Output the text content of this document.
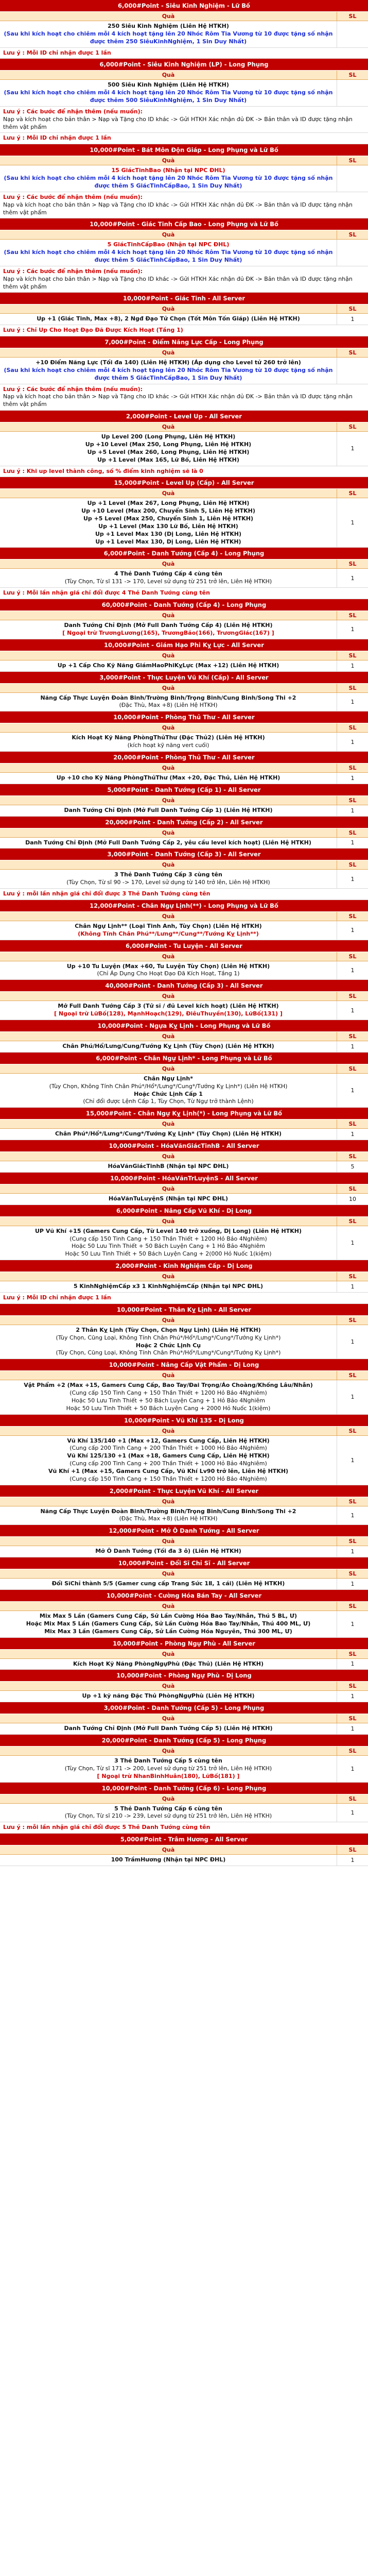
6,000#Point - Siêu Kinh Nghiệm - Lữ Bố
Quà	SL
250 Siêu Kinh Nghiệm (Liên Hệ HTKH)
(Sau khi kích hoạt cho chiêm mỗi 4 kích hoạt tặng lên 20 Nhóc Rôm Tia Vương từ 10 được tặng số nhận được thêm 250 SiêuKinhNghiệm, 1 Sin Duy Nhất)
Lưu ý : Mỗi ID chỉ nhận được 1 lần
6,000#Point - Siêu Kinh Nghiệm (LP) - Long Phụng
Quà	SL
500 Siêu Kinh Nghiệm (Liên Hệ HTKH)
(Sau khi kích hoạt cho chiêm mỗi 4 kích hoạt tặng lên 20 Nhóc Rôm Tia Vương từ 10 được tặng số nhận được thêm 500 SiêuKinhNghiệm, 1 Sin Duy Nhất)
Lưu ý : Các bước để nhận thêm (nếu muốn):
Nạp và kích hoạt cho bản thân > Nạp và Tặng cho ID khác -> Gửi HTKH Xác nhận đủ ĐK -> Bản thân và ID được tặng nhận thêm vật phẩm
Lưu ý : Mỗi ID chỉ nhận được 1 lần
10,000#Point - Bát Môn Độn Giáp - Long Phụng và Lữ Bố
Quà	SL
15 GiácTinhBao (Nhận tại NPC ĐHL)
(Sau khi kích hoạt cho chiêm mỗi 4 kích hoạt tặng lên 20 Nhóc Rôm Tia Vương từ 10 được tặng số nhận được thêm 5 GiácTinhCấpBao, 1 Sin Duy Nhất)
Lưu ý : Các bước để nhận thêm (nếu muốn):
Nạp và kích hoạt cho bản thân > Nạp và Tặng cho ID khác -> Gửi HTKH Xác nhận đủ ĐK -> Bản thân và ID được tặng nhận thêm vật phẩm
10,000#Point - Giác Tinh Cấp Bao - Long Phụng và Lữ Bố
Quà	SL
5 GiácTinhCấpBao (Nhận tại NPC ĐHL)
(Sau khi kích hoạt cho chiêm mỗi 4 kích hoạt tặng lên 20 Nhóc Rôm Tia Vương từ 10 được tặng số nhận được thêm 5 GiácTinhCấpBao, 1 Sin Duy Nhất)
Lưu ý : Các bước để nhận thêm (nếu muốn):
Nạp và kích hoạt cho bản thân > Nạp và Tặng cho ID khác -> Gửi HTKH Xác nhận đủ ĐK -> Bản thân và ID được tặng nhận thêm vật phẩm
10,000#Point - Giác Tinh - All Server
Quà	SL
Up +1 (Giác Tinh, Max +8), 2 Ngđ Đạo Tử Chọn (Tốt Môn Tốn Giáp) (Liên Hệ HTKH)	1
Lưu ý : Chỉ Up Cho Hoạt Đạo Đã Được Kích Hoạt (Tầng 1)
7,000#Point - Điểm Năng Lực Cấp - Long Phụng
Quà	SL
+10 Điểm Năng Lực (Tối đa 140) (Liên Hệ HTKH) (Áp dụng cho Level tử 260 trở lên)
(Sau khi kích hoạt cho chiêm mỗi 4 kích hoạt tặng lên 20 Nhóc Rôm Tia Vương từ 10 được tặng số nhận được thêm 5 GiácTinhCấpBao, 1 Sin Duy Nhất)
Lưu ý : Các bước để nhận thêm (nếu muốn):
Nạp và kích hoạt cho bản thân > Nạp và Tặng cho ID khác -> Gửi HTKH Xác nhận đủ ĐK -> Bản thân và ID được tặng nhận thêm vật phẩm
2,000#Point - Level Up - All Server
Quà	SL
Up Level 200 (Long Phụng, Liên Hệ HTKH)
Up +10 Level (Max 250, Long Phụng, Liên Hệ HTKH)
Up +5 Level (Max 260, Long Phụng, Liên Hệ HTKH)
Up +1 Level (Max 165, Lữ Bố, Liên Hệ HTKH)
1
Lưu ý : Khi up level thành công, số % điểm kinh nghiệm sẽ là 0
15,000#Point - Level Up (Cấp) - All Server
Quà	SL
Up +1 Level (Max 267, Long Phụng, Liên Hệ HTKH)
Up +10 Level (Max 200, Chuyển Sinh 5, Liên Hệ HTKH)
Up +5 Level (Max 250, Chuyển Sinh 1, Liên Hệ HTKH)
Up +1 Level (Max 130 Lữ Bố, Liên Hệ HTKH)
Up +1 Level Max 130 (Dị Long, Liên Hệ HTKH)
Up +1 Level Max 130, Dị Long, Liên Hệ HTKH)
1
6,000#Point - Danh Tướng (Cấp 4) - Long Phụng
Quà	SL
4 Thẻ Danh Tướng Cấp 4 cùng tên
(Tùy Chọn, Từ sĩ 131 -> 170, Level sử dụng từ 251 trở lên, Liên Hệ HTKH)	1
Lưu ý : Mỗi lần nhận giá chỉ đổi được 4 Thẻ Danh Tướng cùng tên
60,000#Point - Danh Tướng (Cấp 4) - Long Phụng
Quà	SL
Danh Tướng Chỉ Định (Mở Full Danh Tướng Cấp 4) (Liên Hệ HTKH)
[ Ngoại trừ TrươngLương(165), TrươngBảo(166), TrươngGiác(167) ]	1
10,000#Point - Giám Hạo Phi Kỵ Lực - All Server
Quà	SL
Up +1 Cấp Cho Kỹ Năng GiámHaoPhiKỵLực (Max +12) (Liên Hệ HTKH)	1
3,000#Point - Thực Luyện Vũ Khí (Cấp) - All Server
Quà	SL
Năng Cấp Thực Luyện Đoàn Binh/Trường Binh/Trọng Binh/Cung Binh/Song Thi +2
(Đặc Thù, Max +8) (Liên Hệ HTKH)	1
10,000#Point - Phòng Thủ Thư - All Server
Quà	SL
Kích Hoạt Kỹ Năng PhòngThủThư (Đặc Thủ2) (Liên Hệ HTKH)
(kích hoạt kỹ năng vert cuối)	1
20,000#Point - Phòng Thủ Thư - All Server
Quà	SL
Up +10 cho Kỹ Năng PhòngThủThư (Max +20, Đặc Thủ, Liên Hệ HTKH)	1
5,000#Point - Danh Tướng (Cấp 1) - All Server
Quà	SL
Danh Tướng Chỉ Định (Mở Full Danh Tướng Cấp 1) (Liên Hệ HTKH)	1
20,000#Point - Danh Tướng (Cấp 2) - All Server
Quà	SL
Danh Tướng Chỉ Định (Mở Full Danh Tướng Cấp 2, yêu cầu level kích hoạt) (Liên Hệ HTKH)	1
3,000#Point - Danh Tướng (Cấp 3) - All Server
Quà	SL
3 Thẻ Danh Tướng Cấp 3 cùng tên
(Tùy Chọn, Từ sĩ 90 -> 170, Level sử dụng từ 140 trở lên, Liên Hệ HTKH)	1
Lưu ý : mỗi lần nhận giá chỉ đổi được 3 Thẻ Danh Tướng cùng tên
12,000#Point - Chân Ngự Lịnh(**) - Long Phụng và Lữ Bố
Quà	SL
Chân Ngự Lịnh** (Loại Tinh Anh, Tùy Chọn) (Liên Hệ HTKH)
(Không Tính Chân Phú**/Lưng**/Cung**/Tướng Kỵ Lịnh**)	1
6,000#Point - Tu Luyện - All Server
Quà	SL
Up +10 Tu Luyện (Max +60, Tu Luyện Tùy Chọn) (Liên Hệ HTKH)
(Chỉ Áp Dụng Cho Hoạt Đạo Đã Kích Hoạt, Tầng 1)	1
40,000#Point - Danh Tướng (Cấp 3) - All Server
Quà	SL
Mở Full Danh Tướng Cấp 3 (Tử sĩ / đủ Level kích hoạt) (Liên Hệ HTKH)
[ Ngoại trừ LữBố(128), MạnhHoạch(129), ĐiêuThuyền(130), LữBố(131) ]	1
10,000#Point - Ngựa Kỵ Lịnh - Long Phụng và Lữ Bố
Quà	SL
Chân Phú/Hổ/Lưng/Cung/Tướng Kỵ Lịnh (Tùy Chọn) (Liên Hệ HTKH)	1
6,000#Point - Chân Ngự Lịnh* - Long Phụng và Lữ Bố
Quà	SL
Chân Ngự Lịnh*
(Tùy Chọn, Không Tính Chân Phú*/Hổ*/Lưng*/Cung*/Tướng Kỵ Lịnh*) (Liên Hệ HTKH)
Hoặc Chức Lịnh Cấp 1
(Chỉ đổi được Lệnh Cấp 1, Tùy Chọn, Từ Ngự trở thành Lệnh)
1
15,000#Point - Chân Ngự Kỵ Lịnh(*) - Long Phụng và Lữ Bố
Quà	SL
Chân Phú*/Hổ*/Lưng*/Cung*/Tướng Kỵ Lịnh* (Tùy Chọn) (Liên Hệ HTKH)	1
10,000#Point - HóaVănGiácTinhB - All Server
Quà	SL
HóaVănGiácTinhB (Nhận tại NPC ĐHL)	5
10,000#Point - HóaVănTrLuyệnS - All Server
Quà	SL
HóaVănTuLuyệnS (Nhận tại NPC ĐHL)	10
6,000#Point - Nâng Cấp Vũ Khí - Dị Long
Quà	SL
UP Vũ Khí +15 (Gamers Cung Cấp, Từ Level 140 trở xuống, Dị Long) (Liên Hệ HTKH)
(Cung cấp 150 Tinh Cang + 150 Thần Thiết + 1200 Hỏ Bảo 4Nghiêm)
Hoặc 50 Lưu Tinh Thiết + 50 Bách Luyện Cang + 1 Hỏ Bảo 4Nghiêm
Hoặc 50 Lưu Tinh Thiết + 50 Bách Luyện Cang + 2(000 Hỏ Nuốc 1(kiệm)
1
2,000#Point - Kinh Nghiệm Cấp - Dị Long
Quà	SL
5 KinhNghiệmCấp x3 1 KinhNghiệmCấp (Nhận tại NPC ĐHL)	1
Lưu ý : Mỗi ID chỉ nhận được 1 lần
10,000#Point - Thân Kỵ Lịnh - All Server
Quà	SL
2 Thân Kỵ Lịnh (Tùy Chọn, Chọn Ngự Lịnh) (Liên Hệ HTKH)
(Tùy Chọn, Cũng Loại, Không Tính Chân Phú*/Hổ*/Lưng*/Cung*/Tướng Kỵ Lịnh*)
Hoặc 2 Chức Lịnh Cụ
(Tùy Chọn, Cũng Loại, Không Tính Chân Phú*/Hổ*/Lưng*/Cung*/Tướng Kỵ Lịnh*)
1
10,000#Point - Nâng Cấp Vật Phẩm - Dị Long
Quà	SL
Vật Phẩm +2 (Max +15, Gamers Cung Cấp, Bao Tay/Đai Trọng/Áo Choàng/Khống Lâu/Nhẫn)
(Cung cấp 150 Tinh Cang + 150 Thần Thiết + 1200 Hỏ Bảo 4Nghiêm)
Hoặc 50 Lưu Tinh Thiết + 50 Bách Luyện Cang + 1 Hỏ Bảo 4Nghiêm
Hoặc 50 Lưu Tinh Thiết + 50 Bách Luyện Cang + 2000 Hỏ Nuốc 1(kiệm)
1
10,000#Point - Vũ Khí 135 - Dị Long
Quà	SL
Vũ Khí 135/140 +1 (Max +12, Gamers Cung Cấp, Liên Hệ HTKH)
(Cung cấp 200 Tinh Cang + 200 Thần Thiết + 1000 Hỏ Bảo 4Nghiêm)
Vũ Khí 125/130 +1 (Max +18, Gamers Cung Cấp, Liên Hệ HTKH)
(Cung cấp 200 Tinh Cang + 200 Thần Thiết + 1000 Hỏ Bảo 4Nghiêm)
Vũ Khí +1 (Max +15, Gamers Cung Cấp, Vũ Khí Lv90 trở lên, Liên Hệ HTKH)
(Cung cấp 150 Tinh Cang + 150 Thần Thiết + 1200 Hỏ Bảo 4Nghiêm)
1
2,000#Point - Thực Luyện Vũ Khí - All Server
Quà	SL
Năng Cấp Thực Luyện Đoàn Binh/Trường Binh/Trọng Binh/Cung Binh/Song Thi +2
(Đặc Thù, Max +8) (Liên Hệ HTKH)	1
12,000#Point - Mở Ô Danh Tướng - All Server
Quà	SL
Mở Ô Danh Tướng (Tối đa 3 ô) (Liên Hệ HTKH)	1
10,000#Point - Đổi Sĩ Chỉ Sĩ - All Server
Quà	SL
Đổi SĩChỉ thành 5/5 (Gamer cung cấp Trang Sức 1Ⅱ, 1 cái) (Liên Hệ HTKH)	1
10,000#Point - Cường Hóa Bán Tay - All Server
Quà	SL
Mix Max 5 Lần (Gamers Cung Cấp, Sử Lần Cường Hóa Bao Tay/Nhẫn, Thú 5 BL, Ư)
Hoặc Mix Max 5 Lần (Gamers Cung Cấp, Sử Lần Cường Hóa Bao Tay/Nhẫn, Thú 400 ML, Ư)
Mix Max 3 Lần (Gamers Cung Cấp, Sử Lần Cường Hóa Nguyên, Thú 300 ML, Ư)
1
10,000#Point - Phòng Ngự Phù - All Server
Quà	SL
Kích Hoạt Kỹ Năng PhòngNgựPhù (Đặc Thủ) (Liên Hệ HTKH)	1
10,000#Point - Phòng Ngự Phù - Dị Long
Quà	SL
Up +1 kỹ năng Đặc Thủ PhòngNgựPhù (Liên Hệ HTKH)	1
3,000#Point - Danh Tướng (Cấp 5) - Long Phụng
Quà	SL
Danh Tướng Chỉ Định (Mở Full Danh Tướng Cấp 5) (Liên Hệ HTKH)	1
20,000#Point - Danh Tướng (Cấp 5) - Long Phụng
Quà	SL
3 Thẻ Danh Tướng Cấp 5 cùng tên
(Tùy Chọn, Từ sĩ 171 -> 200, Level sử dụng từ 251 trở lên, Liên Hệ HTKH)
[ Ngoại trừ NhanBinhHuân(180), LữBố(181) ]
1
10,000#Point - Danh Tướng (Cấp 6) - Long Phụng
Quà	SL
5 Thẻ Danh Tướng Cấp 6 cùng tên
(Tùy Chọn, Từ sĩ 210 -> 239, Level sử dụng từ 251 trở lên, Liên Hệ HTKH)	1
Lưu ý : mỗi lần nhận giá chỉ đổi được 5 Thẻ Danh Tướng cùng tên
5,000#Point - Trâm Hương - All Server
Quà	SL
100 TrầmHương (Nhận tại NPC ĐHL)	1
